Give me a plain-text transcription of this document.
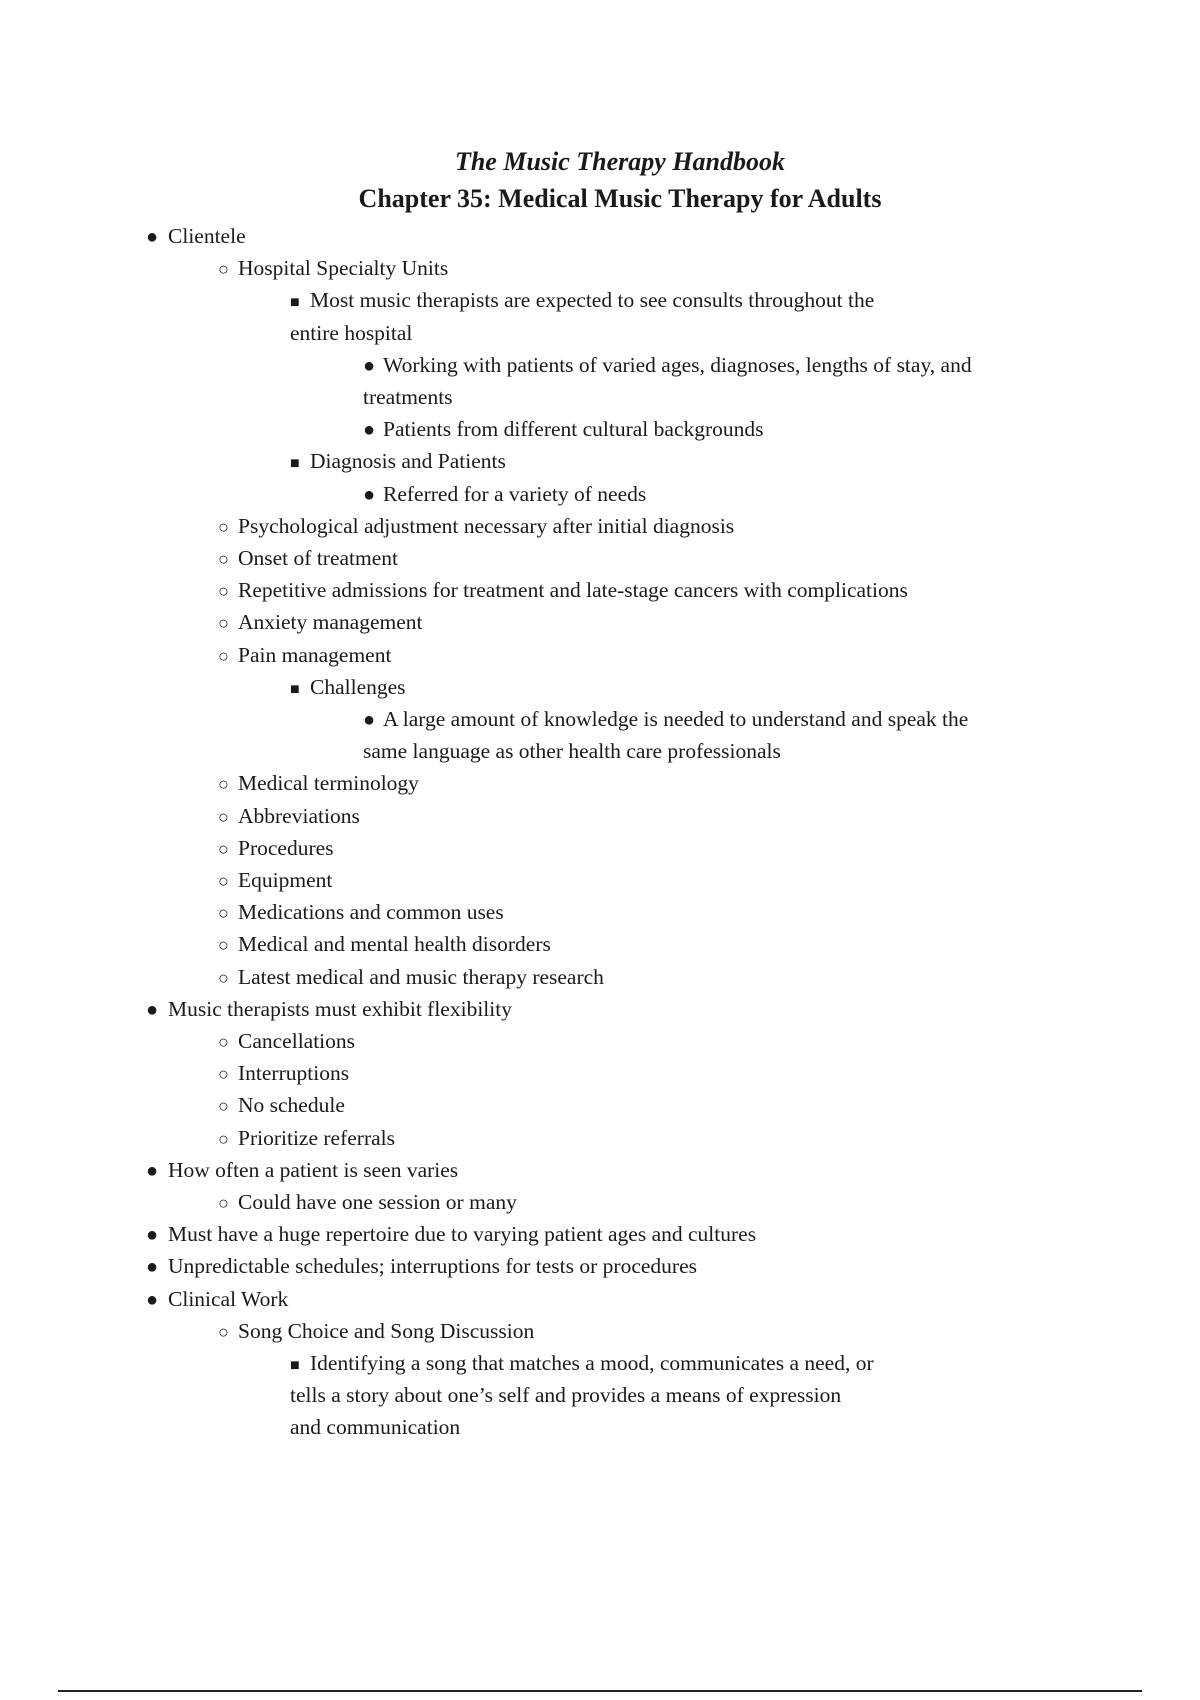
The Music Therapy Handbook
Chapter 35: Medical Music Therapy for Adults
● Clientele
○ Hospital Specialty Units
■ Most music therapists are expected to see consults throughout the
entire hospital
● Working with patients of varied ages, diagnoses, lengths of stay, and
treatments
● Patients from different cultural backgrounds
■ Diagnosis and Patients
● Referred for a variety of needs
○ Psychological adjustment necessary after initial diagnosis
○ Onset of treatment
○ Repetitive admissions for treatment and late-stage cancers with complications
○ Anxiety management
○ Pain management
■ Challenges
● A large amount of knowledge is needed to understand and speak the
same language as other health care professionals
○ Medical terminology
○ Abbreviations
○ Procedures
○ Equipment
○ Medications and common uses
○ Medical and mental health disorders
○ Latest medical and music therapy research
● Music therapists must exhibit flexibility
○ Cancellations
○ Interruptions
○ No schedule
○ Prioritize referrals
● How often a patient is seen varies
○ Could have one session or many
● Must have a huge repertoire due to varying patient ages and cultures
● Unpredictable schedules; interruptions for tests or procedures
● Clinical Work
○ Song Choice and Song Discussion
■ Identifying a song that matches a mood, communicates a need, or
tells a story about one’s self and provides a means of expression
and communication
